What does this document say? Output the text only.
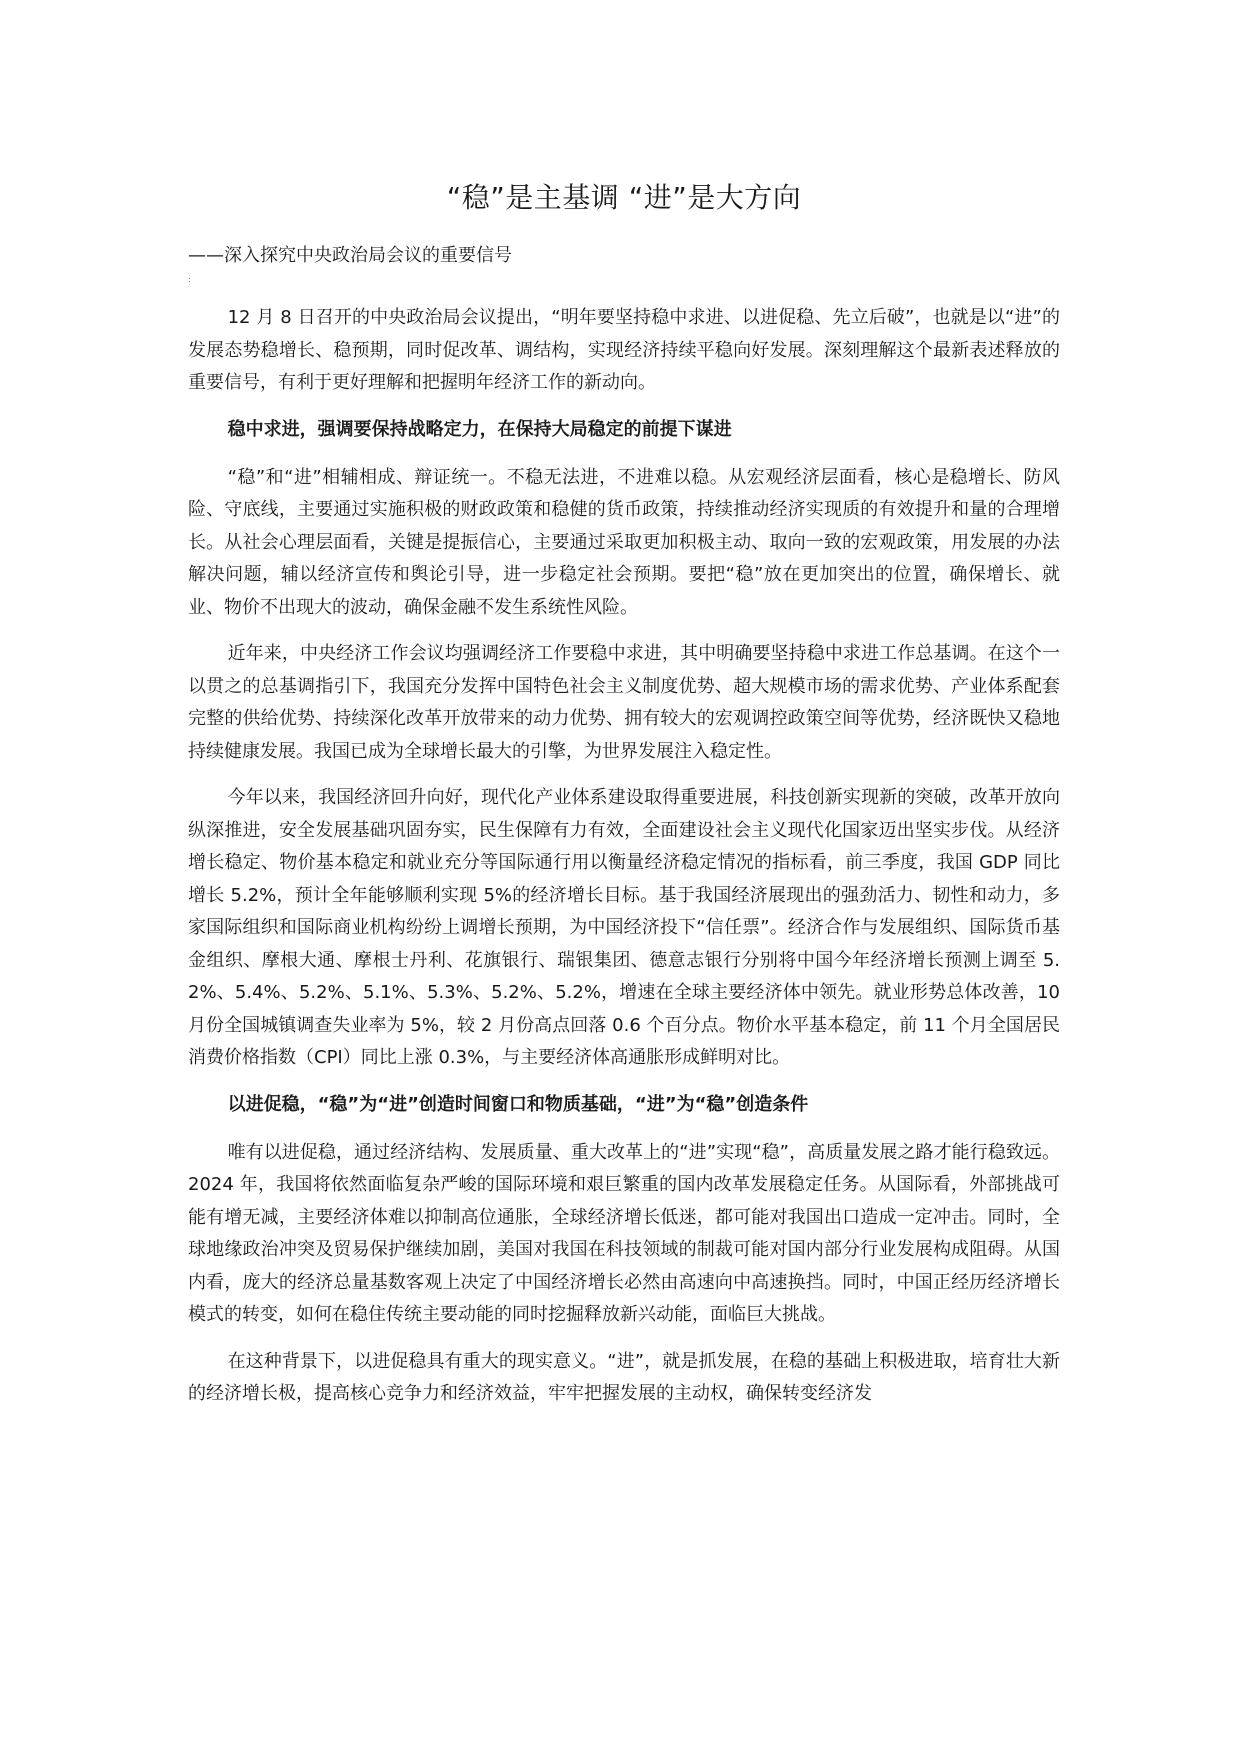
“稳”是主基调 “进”是大方向

——深入探究中央政治局会议的重要信号

:

12 月 8 日召开的中央政治局会议提出，“明年要坚持稳中求进、以进促稳、先立后破”，也就是以“进”的发展态势稳增长、稳预期，同时促改革、调结构，实现经济持续平稳向好发展。深刻理解这个最新表述释放的重要信号，有利于更好理解和把握明年经济工作的新动向。

稳中求进，强调要保持战略定力，在保持大局稳定的前提下谋进

“稳”和“进”相辅相成、辩证统一。不稳无法进，不进难以稳。从宏观经济层面看，核心是稳增长、防风险、守底线，主要通过实施积极的财政政策和稳健的货币政策，持续推动经济实现质的有效提升和量的合理增长。从社会心理层面看，关键是提振信心，主要通过采取更加积极主动、取向一致的宏观政策，用发展的办法解决问题，辅以经济宣传和舆论引导，进一步稳定社会预期。要把“稳”放在更加突出的位置，确保增长、就业、物价不出现大的波动，确保金融不发生系统性风险。

近年来，中央经济工作会议均强调经济工作要稳中求进，其中明确要坚持稳中求进工作总基调。在这个一以贯之的总基调指引下，我国充分发挥中国特色社会主义制度优势、超大规模市场的需求优势、产业体系配套完整的供给优势、持续深化改革开放带来的动力优势、拥有较大的宏观调控政策空间等优势，经济既快又稳地持续健康发展。我国已成为全球增长最大的引擎，为世界发展注入稳定性。

今年以来，我国经济回升向好，现代化产业体系建设取得重要进展，科技创新实现新的突破，改革开放向纵深推进，安全发展基础巩固夯实，民生保障有力有效，全面建设社会主义现代化国家迈出坚实步伐。从经济增长稳定、物价基本稳定和就业充分等国际通行用以衡量经济稳定情况的指标看，前三季度，我国 GDP 同比增长 5.2%，预计全年能够顺利实现 5%的经济增长目标。基于我国经济展现出的强劲活力、韧性和动力，多家国际组织和国际商业机构纷纷上调增长预期，为中国经济投下“信任票”。经济合作与发展组织、国际货币基金组织、摩根大通、摩根士丹利、花旗银行、瑞银集团、德意志银行分别将中国今年经济增长预测上调至 5.2%、5.4%、5.2%、5.1%、5.3%、5.2%、5.2%，增速在全球主要经济体中领先。就业形势总体改善，10 月份全国城镇调查失业率为 5%，较 2 月份高点回落 0.6 个百分点。物价水平基本稳定，前 11 个月全国居民消费价格指数（CPI）同比上涨 0.3%，与主要经济体高通胀形成鲜明对比。

以进促稳，“稳”为“进”创造时间窗口和物质基础，“进”为“稳”创造条件

唯有以进促稳，通过经济结构、发展质量、重大改革上的“进”实现“稳”，高质量发展之路才能行稳致远。2024 年，我国将依然面临复杂严峻的国际环境和艰巨繁重的国内改革发展稳定任务。从国际看，外部挑战可能有增无减，主要经济体难以抑制高位通胀，全球经济增长低迷，都可能对我国出口造成一定冲击。同时，全球地缘政治冲突及贸易保护继续加剧，美国对我国在科技领域的制裁可能对国内部分行业发展构成阻碍。从国内看，庞大的经济总量基数客观上决定了中国经济增长必然由高速向中高速换挡。同时，中国正经历经济增长模式的转变，如何在稳住传统主要动能的同时挖掘释放新兴动能，面临巨大挑战。

在这种背景下，以进促稳具有重大的现实意义。“进”，就是抓发展，在稳的基础上积极进取，培育壮大新的经济增长极，提高核心竞争力和经济效益，牢牢把握发展的主动权，确保转变经济发
